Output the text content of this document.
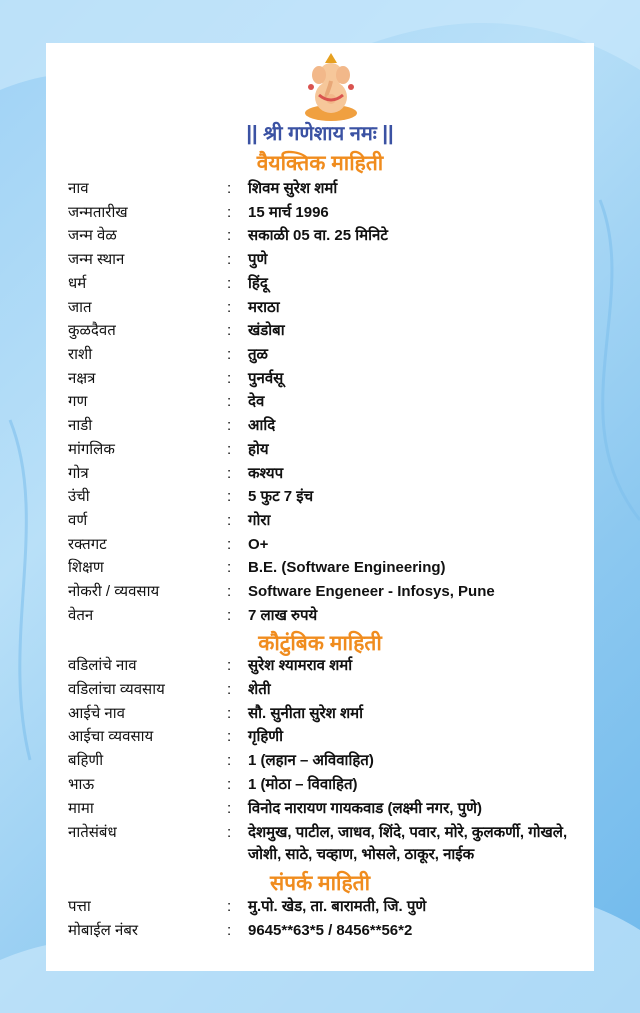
|| श्री गणेशाय नमः ||
वैयक्तिक माहिती
नाव	: शिवम सुरेश शर्मा
जन्मतारीख	: 15 मार्च 1996
जन्म वेळ	: सकाळी 05 वा. 25 मिनिटे
जन्म स्थान	: पुणे
धर्म	: हिंदू
जात	: मराठा
कुळदैवत	: खंडोबा
राशी	: तुळ
नक्षत्र	: पुनर्वसू
गण	: देव
नाडी	: आदि
मांगलिक	: होय
गोत्र	: कश्यप
उंची	: 5 फुट 7 इंच
वर्ण	: गोरा
रक्तगट	: O+
शिक्षण	: B.E. (Software Engineering)
नोकरी / व्यवसाय	: Software Engeneer - Infosys, Pune
वेतन	: 7 लाख रुपये
कौटुंबिक माहिती
वडिलांचे नाव	: सुरेश श्यामराव शर्मा
वडिलांचा व्यवसाय	: शेती
आईचे नाव	: सौ. सुनीता सुरेश शर्मा
आईचा व्यवसाय	: गृहिणी
बहिणी	: 1 (लहान – अविवाहित)
भाऊ	: 1 (मोठा – विवाहित)
मामा	: विनोद नारायण गायकवाड (लक्ष्मी नगर, पुणे)
नातेसंबंध	: देशमुख, पाटील, जाधव, शिंदे, पवार, मोरे, कुलकर्णी, गोखले, जोशी, साठे, चव्हाण, भोसले, ठाकूर, नाईक
संपर्क माहिती
पत्ता	: मु.पो. खेड, ता. बारामती, जि. पुणे
मोबाईल नंबर	: 9645**63*5 / 8456**56*2
